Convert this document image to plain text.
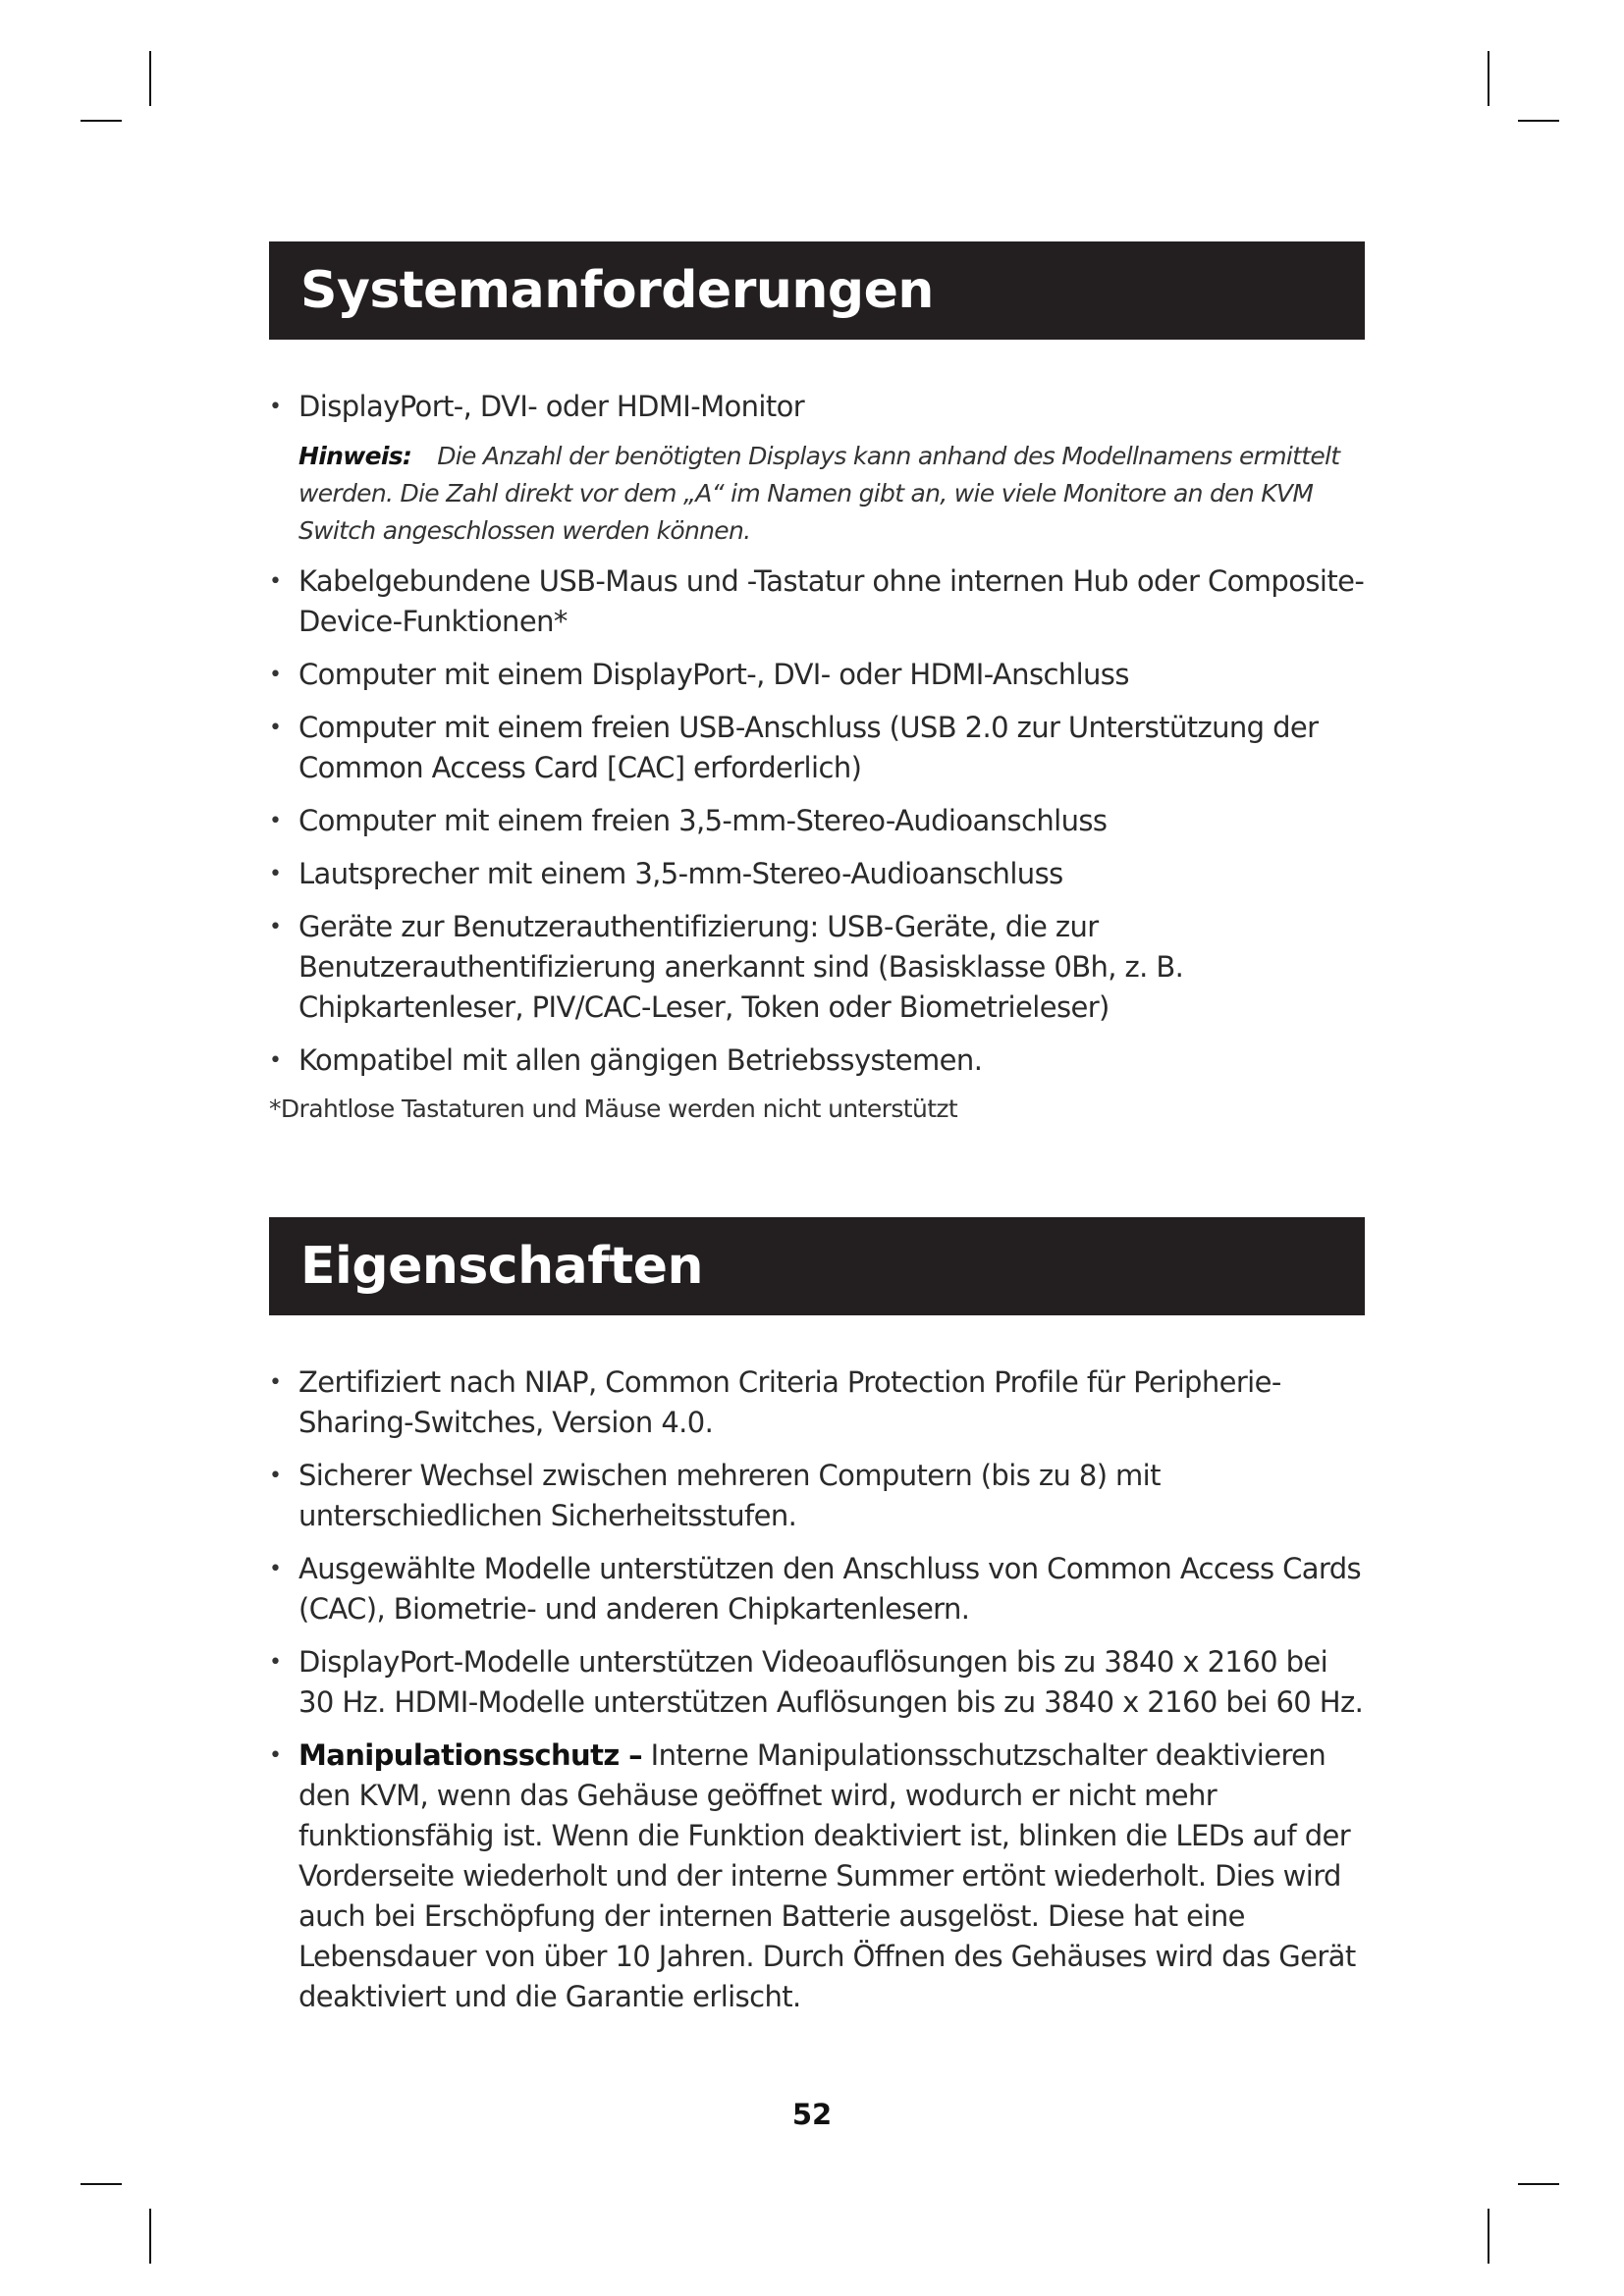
Systemanforderungen
• DisplayPort-, DVI- oder HDMI-Monitor
Hinweis: Die Anzahl der benötigten Displays kann anhand des Modellnamens ermittelt werden. Die Zahl direkt vor dem „A“ im Namen gibt an, wie viele Monitore an den KVM Switch angeschlossen werden können.
• Kabelgebundene USB-Maus und -Tastatur ohne internen Hub oder Composite-Device-Funktionen*
• Computer mit einem DisplayPort-, DVI- oder HDMI-Anschluss
• Computer mit einem freien USB-Anschluss (USB 2.0 zur Unterstützung der Common Access Card [CAC] erforderlich)
• Computer mit einem freien 3,5-mm-Stereo-Audioanschluss
• Lautsprecher mit einem 3,5-mm-Stereo-Audioanschluss
• Geräte zur Benutzerauthentifizierung: USB-Geräte, die zur Benutzerauthentifizierung anerkannt sind (Basisklasse 0Bh, z. B. Chipkartenleser, PIV/CAC-Leser, Token oder Biometrieleser)
• Kompatibel mit allen gängigen Betriebssystemen.
*Drahtlose Tastaturen und Mäuse werden nicht unterstützt
Eigenschaften
• Zertifiziert nach NIAP, Common Criteria Protection Profile für Peripherie-Sharing-Switches, Version 4.0.
• Sicherer Wechsel zwischen mehreren Computern (bis zu 8) mit unterschiedlichen Sicherheitsstufen.
• Ausgewählte Modelle unterstützen den Anschluss von Common Access Cards (CAC), Biometrie- und anderen Chipkartenlesern.
• DisplayPort-Modelle unterstützen Videoauflösungen bis zu 3840 x 2160 bei 30 Hz. HDMI-Modelle unterstützen Auflösungen bis zu 3840 x 2160 bei 60 Hz.
• Manipulationsschutz – Interne Manipulationsschutzschalter deaktivieren den KVM, wenn das Gehäuse geöffnet wird, wodurch er nicht mehr funktionsfähig ist. Wenn die Funktion deaktiviert ist, blinken die LEDs auf der Vorderseite wiederholt und der interne Summer ertönt wiederholt. Dies wird auch bei Erschöpfung der internen Batterie ausgelöst. Diese hat eine Lebensdauer von über 10 Jahren. Durch Öffnen des Gehäuses wird das Gerät deaktiviert und die Garantie erlischt.
52
